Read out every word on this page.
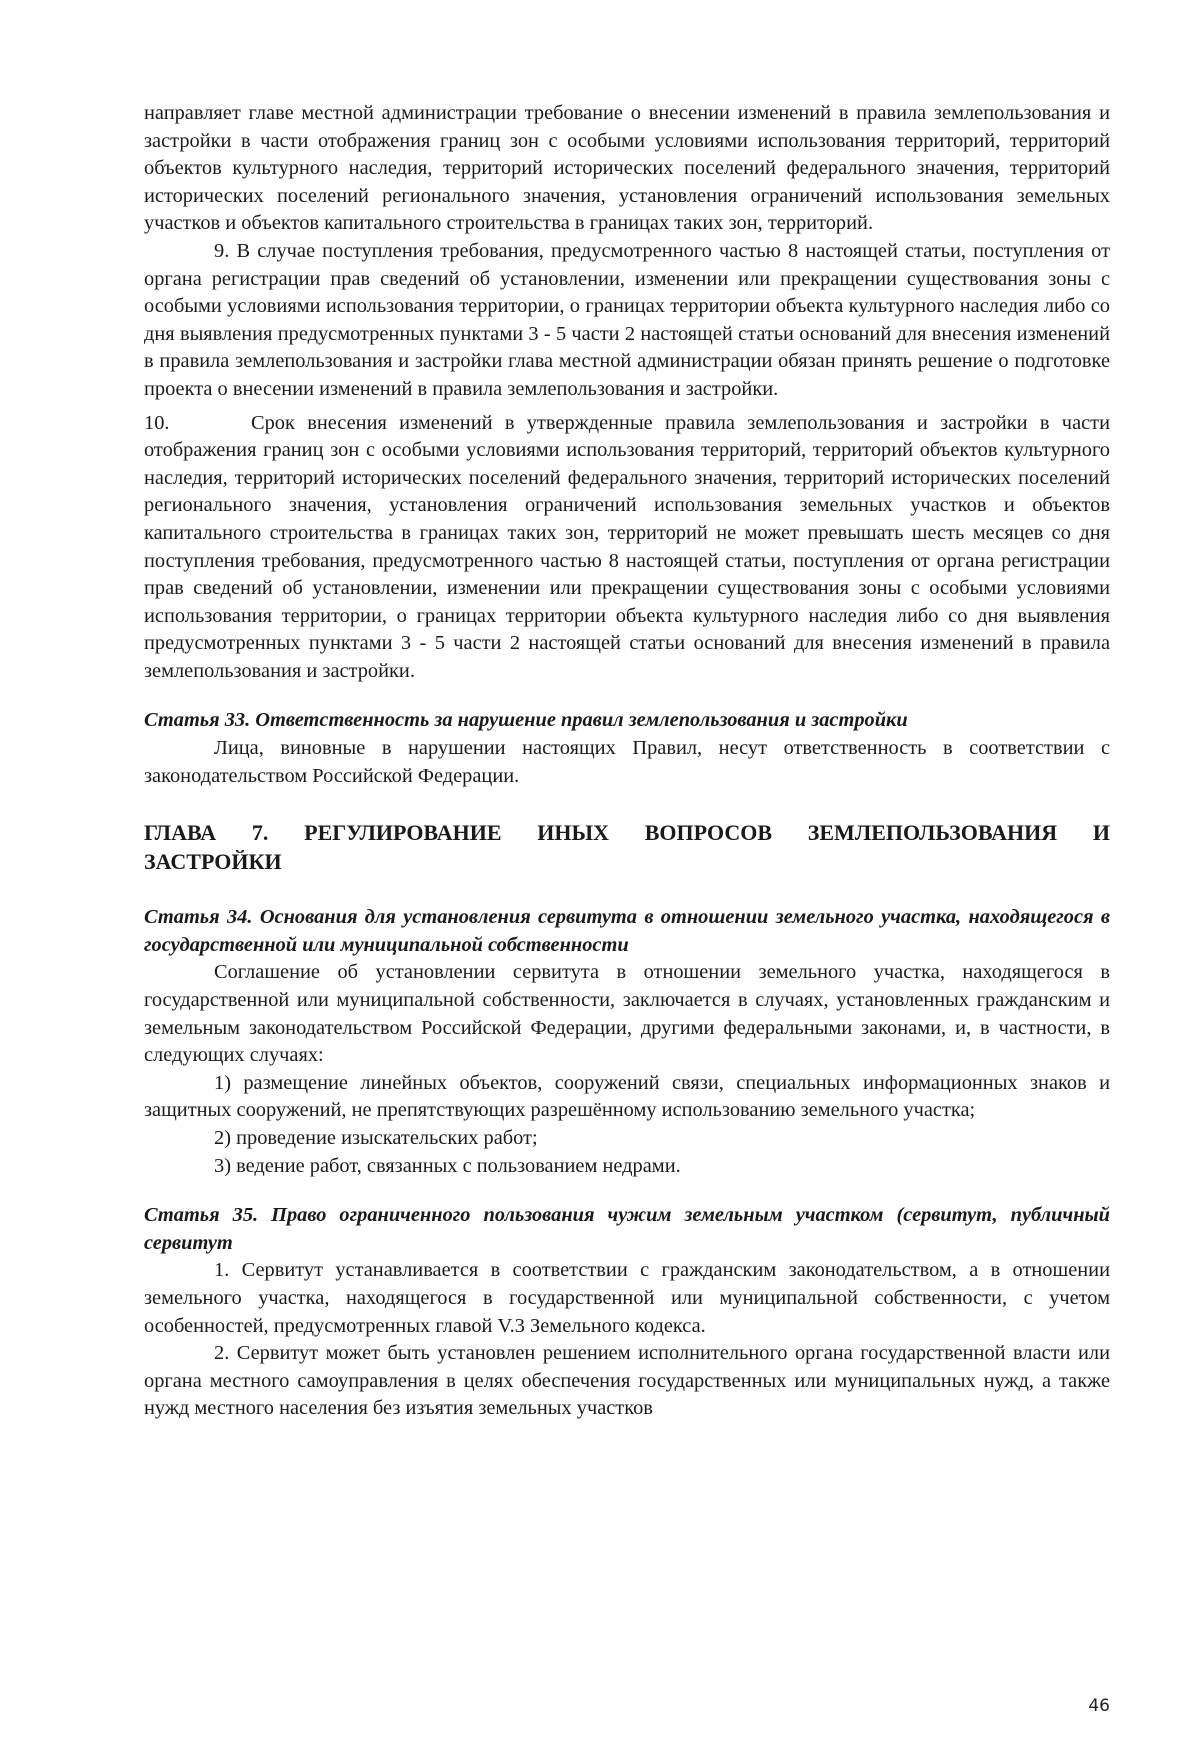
направляет главе местной администрации требование о внесении изменений в правила землепользования и застройки в части отображения границ зон с особыми условиями использования территорий, территорий объектов культурного наследия, территорий исторических поселений федерального значения, территорий исторических поселений регионального значения, установления ограничений использования земельных участков и объектов капитального строительства в границах таких зон, территорий.

9. В случае поступления требования, предусмотренного частью 8 настоящей статьи, поступления от органа регистрации прав сведений об установлении, изменении или прекращении существования зоны с особыми условиями использования территории, о границах территории объекта культурного наследия либо со дня выявления предусмотренных пунктами 3 - 5 части 2 настоящей статьи оснований для внесения изменений в правила землепользования и застройки глава местной администрации обязан принять решение о подготовке проекта о внесении изменений в правила землепользования и застройки.

10.	Срок внесения изменений в утвержденные правила землепользования и застройки в части отображения границ зон с особыми условиями использования территорий, территорий объектов культурного наследия, территорий исторических поселений федерального значения, территорий исторических поселений регионального значения, установления ограничений использования земельных участков и объектов капитального строительства в границах таких зон, территорий не может превышать шесть месяцев со дня поступления требования, предусмотренного частью 8 настоящей статьи, поступления от органа регистрации прав сведений об установлении, изменении или прекращении существования зоны с особыми условиями использования территории, о границах территории объекта культурного наследия либо со дня выявления предусмотренных пунктами 3 - 5 части 2 настоящей статьи оснований для внесения изменений в правила землепользования и застройки.

Статья 33. Ответственность за нарушение правил землепользования и застройки

Лица, виновные в нарушении настоящих Правил, несут ответственность в соответствии с законодательством Российской Федерации.

ГЛАВА 7. РЕГУЛИРОВАНИЕ ИНЫХ ВОПРОСОВ ЗЕМЛЕПОЛЬЗОВАНИЯ И
ЗАСТРОЙКИ

Статья 34. Основания для установления сервитута в отношении земельного участка, находящегося в государственной или муниципальной собственности

Соглашение об установлении сервитута в отношении земельного участка, находящегося в государственной или муниципальной собственности, заключается в случаях, установленных гражданским и земельным законодательством Российской Федерации, другими федеральными законами, и, в частности, в следующих случаях:

1) размещение линейных объектов, сооружений связи, специальных информационных знаков и защитных сооружений, не препятствующих разрешённому использованию земельного участка;

2) проведение изыскательских работ;

3) ведение работ, связанных с пользованием недрами.

Статья 35. Право ограниченного пользования чужим земельным участком (сервитут, публичный сервитут

1. Сервитут устанавливается в соответствии с гражданским законодательством, а в отношении земельного участка, находящегося в государственной или муниципальной собственности, с учетом особенностей, предусмотренных главой V.3 Земельного кодекса.

2. Сервитут может быть установлен решением исполнительного органа государственной власти или органа местного самоуправления в целях обеспечения государственных или муниципальных нужд, а также нужд местного населения без изъятия земельных участков

46
